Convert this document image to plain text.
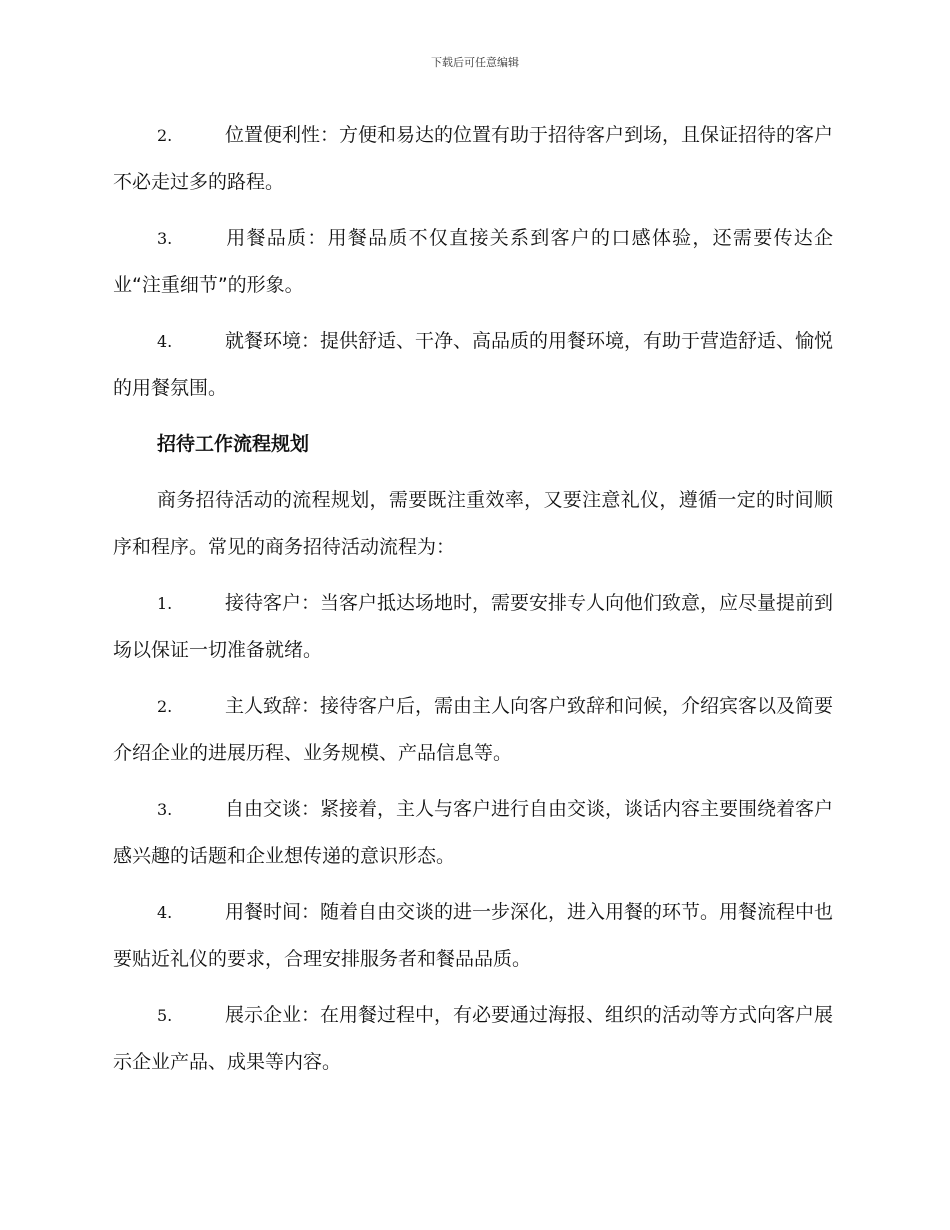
下载后可任意编辑

2.	位置便利性：方便和易达的位置有助于招待客户到场，且保证招待的客户不必走过多的路程。

3.	用餐品质：用餐品质不仅直接关系到客户的口感体验，还需要传达企业“注重细节”的形象。

4.	就餐环境：提供舒适、干净、高品质的用餐环境，有助于营造舒适、愉悦的用餐氛围。

招待工作流程规划

商务招待活动的流程规划，需要既注重效率，又要注意礼仪，遵循一定的时间顺序和程序。常见的商务招待活动流程为：

1.	接待客户：当客户抵达场地时，需要安排专人向他们致意，应尽量提前到场以保证一切准备就绪。

2.	主人致辞：接待客户后，需由主人向客户致辞和问候，介绍宾客以及简要介绍企业的进展历程、业务规模、产品信息等。

3.	自由交谈：紧接着，主人与客户进行自由交谈，谈话内容主要围绕着客户感兴趣的话题和企业想传递的意识形态。

4.	用餐时间：随着自由交谈的进一步深化，进入用餐的环节。用餐流程中也要贴近礼仪的要求，合理安排服务者和餐品品质。

5.	展示企业：在用餐过程中，有必要通过海报、组织的活动等方式向客户展示企业产品、成果等内容。
